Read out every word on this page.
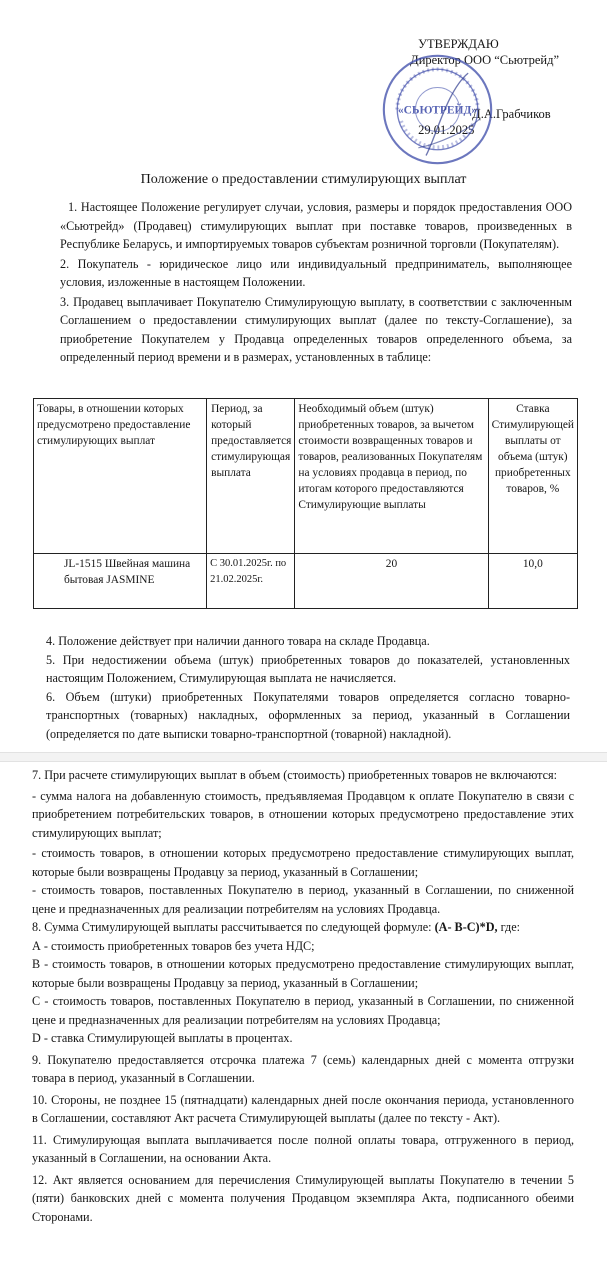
УТВЕРЖДАЮ
Директор ООО “Сьютрейд”
Д.А.Грабчиков
29.01.2025
«СЬЮТРЕЙД»
Положение о предоставлении стимулирующих выплат
1. Настоящее Положение регулирует случаи, условия, размеры и порядок предоставления ООО «Сьютрейд» (Продавец) стимулирующих выплат при поставке товаров, произведенных в Республике Беларусь, и импортируемых товаров субъектам розничной торговли (Покупателям).
2. Покупатель - юридическое лицо или индивидуальный предприниматель, выполняющее условия, изложенные в настоящем Положении.
3. Продавец выплачивает Покупателю Стимулирующую выплату, в соответствии с заключенным Соглашением о предоставлении стимулирующих выплат (далее по тексту-Соглашение), за приобретение Покупателем у Продавца определенных товаров определенного объема, за определенный период времени и в размерах, установленных в таблице:
Товары, в отношении которых предусмотрено предоставление стимулирующих выплат	Период, за который предоставляется стимулирующая выплата	Необходимый объем (штук) приобретенных товаров, за вычетом стоимости возвращенных товаров и товаров, реализованных Покупателям на условиях продавца в период, по итогам которого предоставляются Стимулирующие выплаты	Ставка Стимулирующей выплаты от объема (штук) приобретенных товаров, %
JL-1515 Швейная машина бытовая JASMINE	С 30.01.2025г. по 21.02.2025г.	20	10,0
4. Положение действует при наличии данного товара на складе Продавца.
5. При недостижении объема (штук) приобретенных товаров до показателей, установленных настоящим Положением, Стимулирующая выплата не начисляется.
6. Объем (штуки) приобретенных Покупателями товаров определяется согласно товарно-транспортных (товарных) накладных, оформленных за период, указанный в Соглашении (определяется по дате выписки товарно-транспортной (товарной) накладной).
7. При расчете стимулирующих выплат в объем (стоимость) приобретенных товаров не включаются:
- сумма налога на добавленную стоимость, предъявляемая Продавцом к оплате Покупателю в связи с приобретением потребительских товаров, в отношении которых предусмотрено предоставление этих стимулирующих выплат;
- стоимость товаров, в отношении которых предусмотрено предоставление стимулирующих выплат, которые были возвращены Продавцу за период, указанный в Соглашении;
- стоимость товаров, поставленных Покупателю в период, указанный в Соглашении, по сниженной цене и предназначенных для реализации потребителям на условиях Продавца.
8. Сумма Стимулирующей выплаты рассчитывается по следующей формуле: (А- В-С)*D, где:
А - стоимость приобретенных товаров без учета НДС;
В - стоимость товаров, в отношении которых предусмотрено предоставление стимулирующих выплат, которые были возвращены Продавцу за период, указанный в Соглашении;
С - стоимость товаров, поставленных Покупателю в период, указанный в Соглашении, по сниженной цене и предназначенных для реализации потребителям на условиях Продавца;
D - ставка Стимулирующей выплаты в процентах.
9. Покупателю предоставляется отсрочка платежа 7 (семь) календарных дней с момента отгрузки товара в период, указанный в Соглашении.
10. Стороны, не позднее 15 (пятнадцати) календарных дней после окончания периода, установленного в Соглашении, составляют Акт расчета Стимулирующей выплаты (далее по тексту - Акт).
11. Стимулирующая выплата выплачивается после полной оплаты товара, отгруженного в период, указанный в Соглашении, на основании Акта.
12. Акт является основанием для перечисления Стимулирующей выплаты Покупателю в течении 5 (пяти) банковских дней с момента получения Продавцом экземпляра Акта, подписанного обеими Сторонами.
